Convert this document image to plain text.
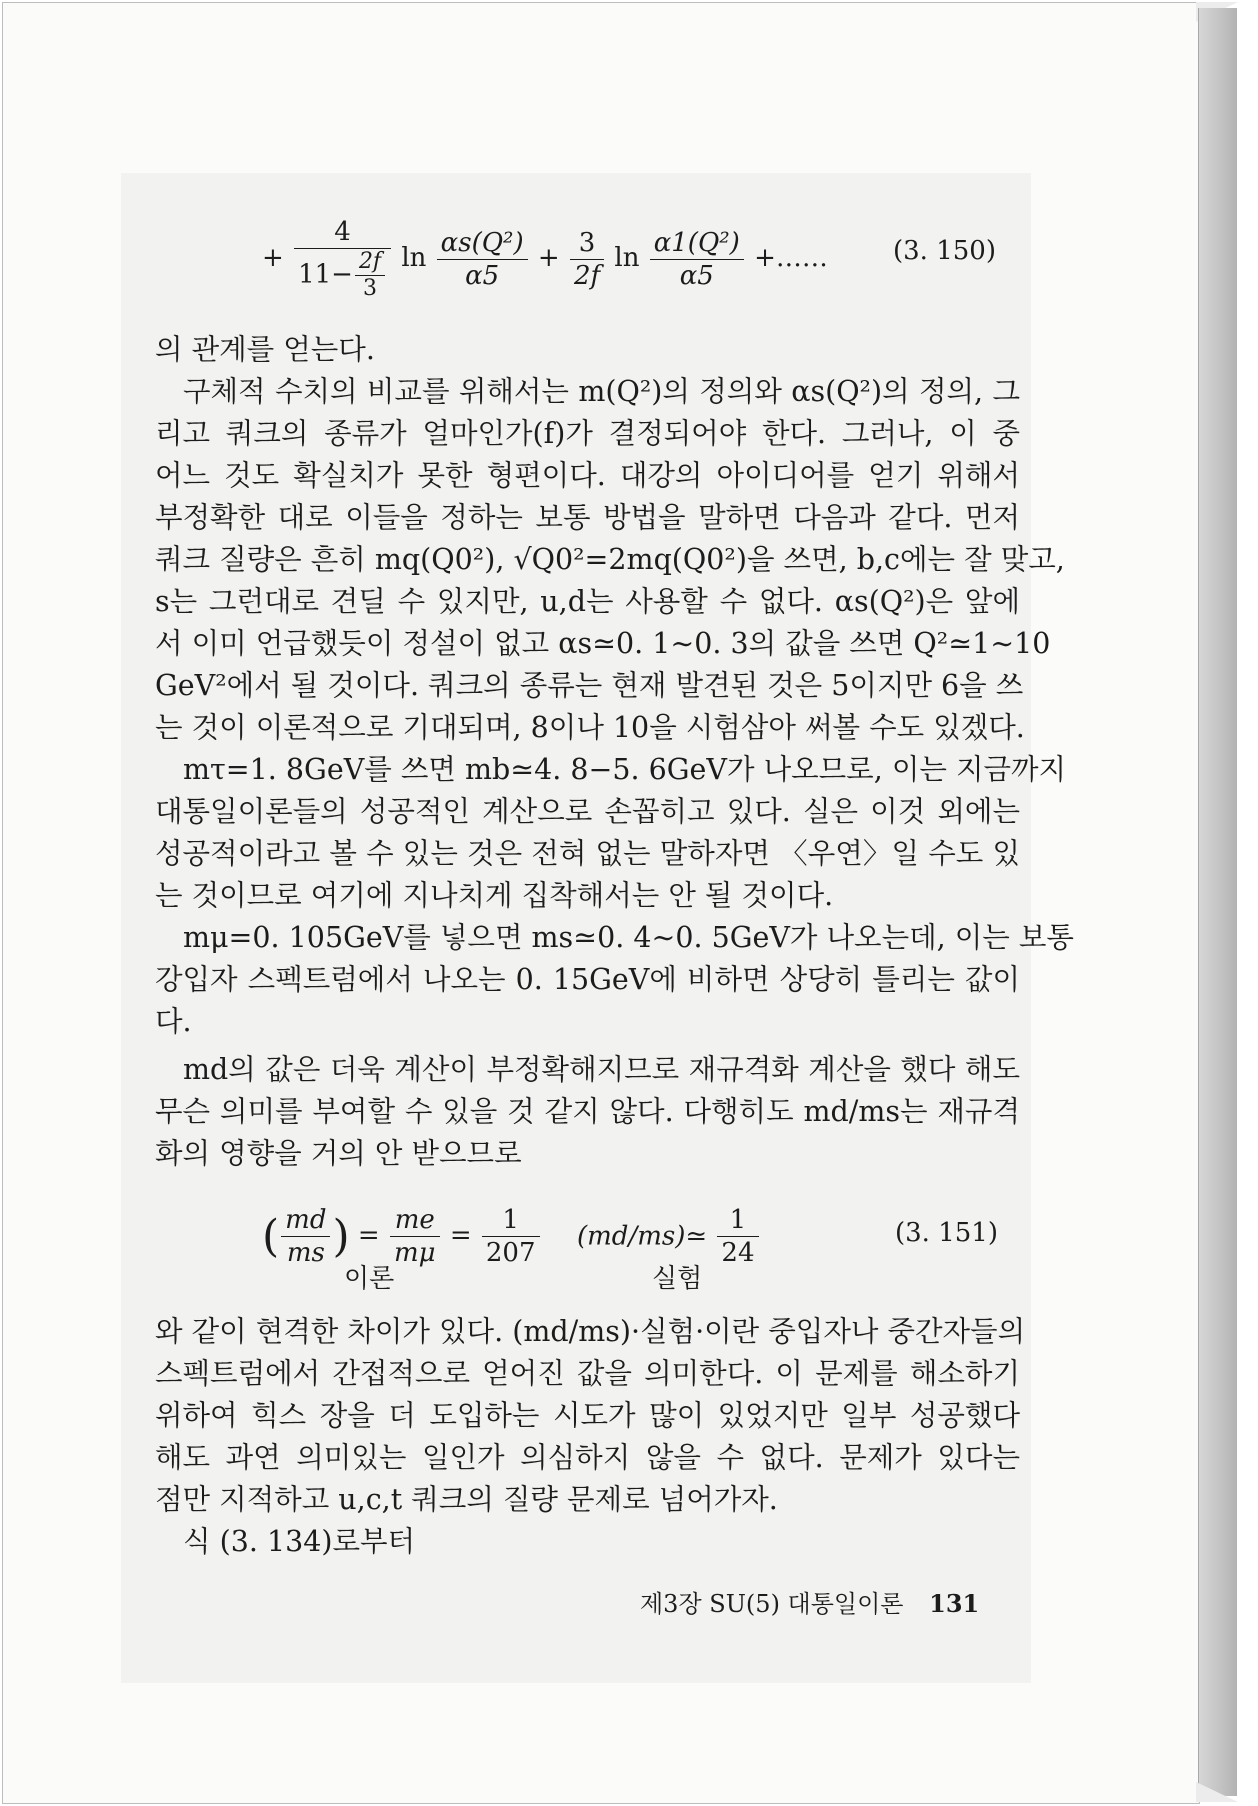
+ $\frac{4}{11- \frac{2f}{3}}$ $\ln \frac{\text{αs(Q²)}}{\alpha 5} + \frac{3}{2f}$ $\ln \frac{\text{α1(Q²)}}{\alpha 5}$ +……	(3. 150)
의 관계를 얻는다.
구체적 수치의 비교를 위해서는 m(Q²)의 정의와 αs(Q²)의 정의, 그
리고 쿼크의 종류가 얼마인가(f)가 결정되어야 한다. 그러나, 이 중
어느 것도 확실치가 못한 형편이다. 대강의 아이디어를 얻기 위해서
부정확한 대로 이들을 정하는 보통 방법을 말하면 다음과 같다. 먼저
쿼크 질량은 흔히 mq(Q0²), √Q0²=2mq(Q0²)을 쓰면, b,c에는 잘 맞고,
s는 그런대로 견딜 수 있지만, u,d는 사용할 수 없다. αs(Q²)은 앞에
서 이미 언급했듯이 정설이 없고 αs≃0. 1∼0. 3의 값을 쓰면 Q²≃1∼10
GeV²에서 될 것이다. 쿼크의 종류는 현재 발견된 것은 5이지만 6을 쓰
는 것이 이론적으로 기대되며, 8이나 10을 시험삼아 써볼 수도 있겠다.
mτ=1. 8GeV를 쓰면 mb≃4. 8−5. 6GeV가 나오므로, 이는 지금까지
대통일이론들의 성공적인 계산으로 손꼽히고 있다. 실은 이것 외에는
성공적이라고 볼 수 있는 것은 전혀 없는 말하자면 〈우연〉일 수도 있
는 것이므로 여기에 지나치게 집착해서는 안 될 것이다.
mμ=0. 105GeV를 넣으면 ms≃0. 4∼0. 5GeV가 나오는데, 이는 보통
강입자 스펙트럼에서 나오는 0. 15GeV에 비하면 상당히 틀리는 값이
다.
md의 값은 더욱 계산이 부정확해지므로 재규격화 계산을 했다 해도
무슨 의미를 부여할 수 있을 것 같지 않다. 다행히도 md/ms는 재규격
화의 영향을 거의 안 받으므로
( $\frac{md}{ms}$ ) = $\frac{me}{m\mu} = \frac{1}{207}$ (md/ms)≃ $\frac{1}{24}$	(3. 151)
이론	실험
와 같이 현격한 차이가 있다. (md/ms)·실험·이란 중입자나 중간자들의
스펙트럼에서 간접적으로 얻어진 값을 의미한다. 이 문제를 해소하기
위하여 힉스 장을 더 도입하는 시도가 많이 있었지만 일부 성공했다
해도 과연 의미있는 일인가 의심하지 않을 수 없다. 문제가 있다는
점만 지적하고 u,c,t 쿼크의 질량 문제로 넘어가자.
식 (3. 134)로부터
제3장 SU(5) 대통일이론 131
